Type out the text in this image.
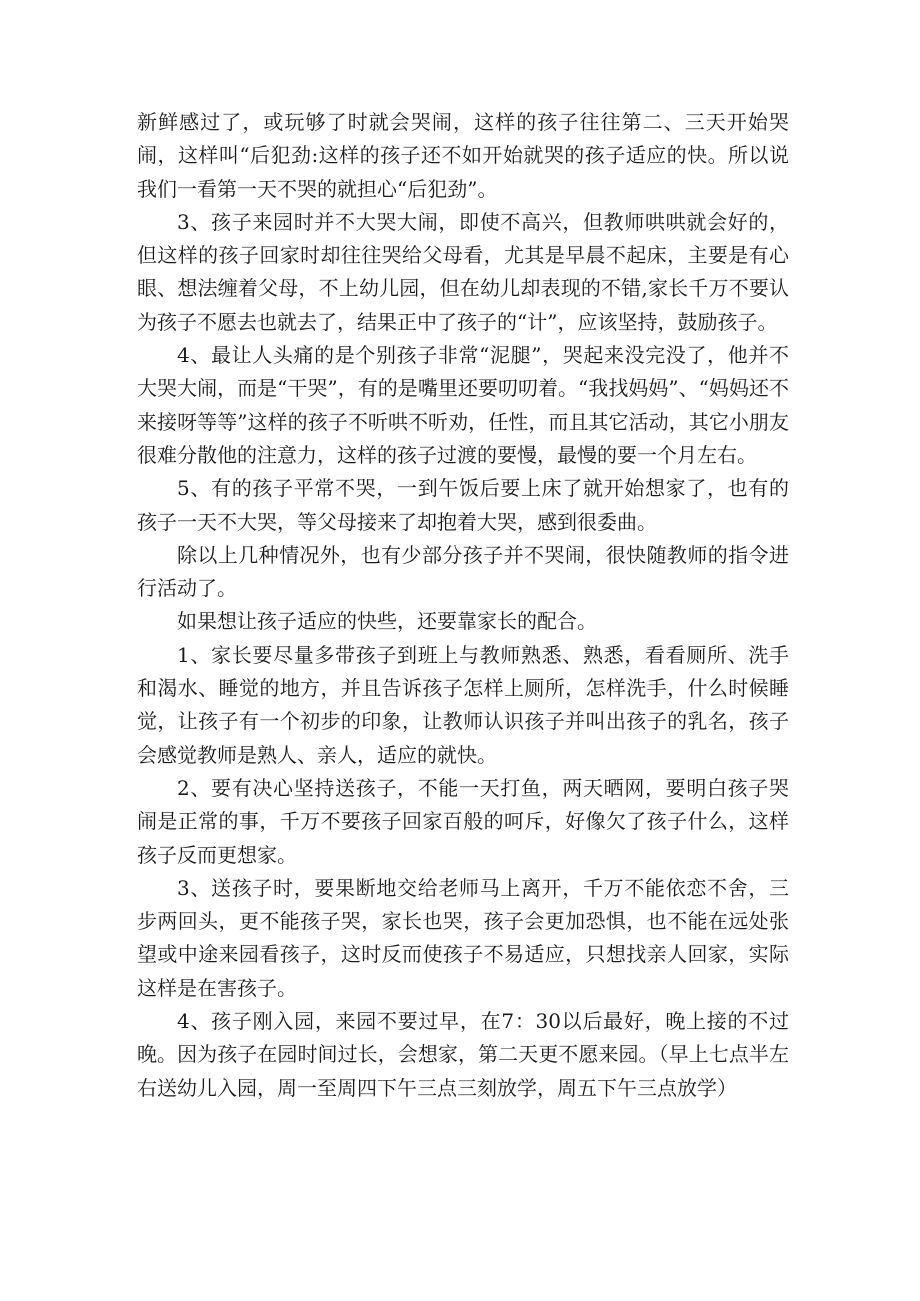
新鲜感过了，或玩够了时就会哭闹，这样的孩子往往第二、三天开始哭闹，这样叫“后犯劲:这样的孩子还不如开始就哭的孩子适应的快。所以说我们一看第一天不哭的就担心“后犯劲”。

3、孩子来园时并不大哭大闹，即使不高兴，但教师哄哄就会好的，但这样的孩子回家时却往往哭给父母看，尤其是早晨不起床，主要是有心眼、想法缠着父母，不上幼儿园，但在幼儿却表现的不错,家长千万不要认为孩子不愿去也就去了，结果正中了孩子的“计”，应该坚持，鼓励孩子。

4、最让人头痛的是个别孩子非常“泥腿”，哭起来没完没了，他并不大哭大闹，而是“干哭”，有的是嘴里还要叨叨着。“我找妈妈”、“妈妈还不来接呀等等”这样的孩子不听哄不听劝，任性，而且其它活动，其它小朋友很难分散他的注意力，这样的孩子过渡的要慢，最慢的要一个月左右。

5、有的孩子平常不哭，一到午饭后要上床了就开始想家了，也有的孩子一天不大哭，等父母接来了却抱着大哭，感到很委曲。

除以上几种情况外，也有少部分孩子并不哭闹，很快随教师的指令进行活动了。

如果想让孩子适应的快些，还要靠家长的配合。

1、家长要尽量多带孩子到班上与教师熟悉、熟悉，看看厕所、洗手和渴水、睡觉的地方，并且告诉孩子怎样上厕所，怎样洗手，什么时候睡觉，让孩子有一个初步的印象，让教师认识孩子并叫出孩子的乳名，孩子会感觉教师是熟人、亲人，适应的就快。

2、要有决心坚持送孩子，不能一天打鱼，两天晒网，要明白孩子哭闹是正常的事，千万不要孩子回家百般的呵斥，好像欠了孩子什么，这样孩子反而更想家。

3、送孩子时，要果断地交给老师马上离开，千万不能依恋不舍，三步两回头，更不能孩子哭，家长也哭，孩子会更加恐惧，也不能在远处张望或中途来园看孩子，这时反而使孩子不易适应，只想找亲人回家，实际这样是在害孩子。

4、孩子刚入园，来园不要过早，在7：30以后最好，晚上接的不过晚。因为孩子在园时间过长，会想家，第二天更不愿来园。（早上七点半左右送幼儿入园，周一至周四下午三点三刻放学，周五下午三点放学）
